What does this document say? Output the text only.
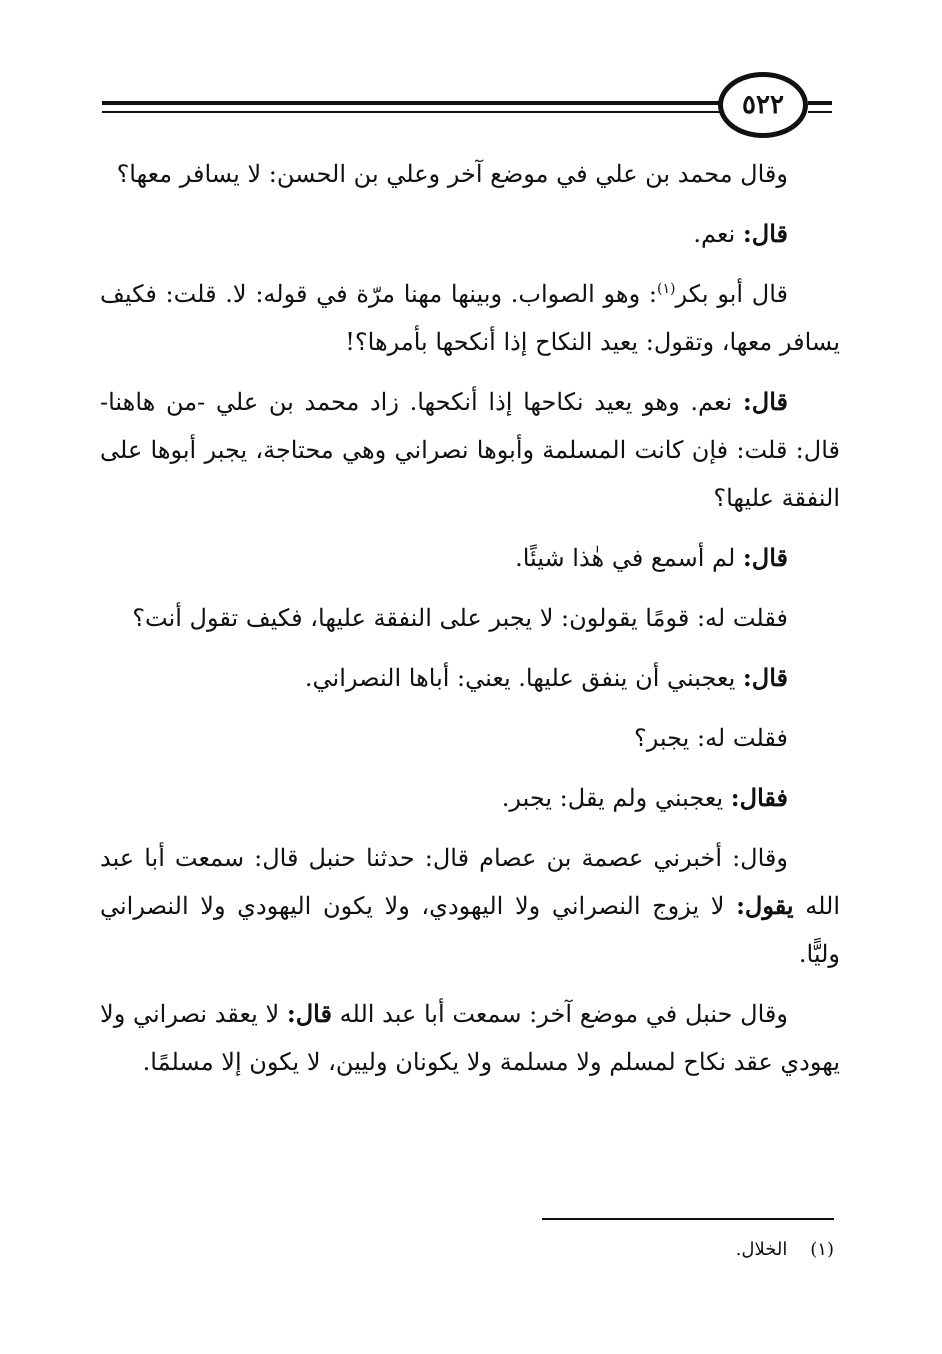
٥٢٢

وقال محمد بن علي في موضع آخر وعلي بن الحسن: لا يسافر معها؟

قال: نعم.

قال أبو بكر$^{(١)}$: وهو الصواب. وبينها مهنا مرّة في قوله: لا. قلت: فكيف يسافر معها، وتقول: يعيد النكاح إذا أنكحها بأمرها؟!

قال: نعم. وهو يعيد نكاحها إذا أنكحها. زاد محمد بن علي -من هاهنا- قال: قلت: فإن كانت المسلمة وأبوها نصراني وهي محتاجة، يجبر أبوها على النفقة عليها؟

قال: لم أسمع في هٰذا شيئًا.

فقلت له: قومًا يقولون: لا يجبر على النفقة عليها، فكيف تقول أنت؟

قال: يعجبني أن ينفق عليها. يعني: أباها النصراني.

فقلت له: يجبر؟

فقال: يعجبني ولم يقل: يجبر.

وقال: أخبرني عصمة بن عصام قال: حدثنا حنبل قال: سمعت أبا عبد الله يقول: لا يزوج النصراني ولا اليهودي، ولا يكون اليهودي ولا النصراني وليًّا.

وقال حنبل في موضع آخر: سمعت أبا عبد الله قال: لا يعقد نصراني ولا يهودي عقد نكاح لمسلم ولا مسلمة ولا يكونان وليين، لا يكون إلا مسلمًا.

(١)    الخلال.
